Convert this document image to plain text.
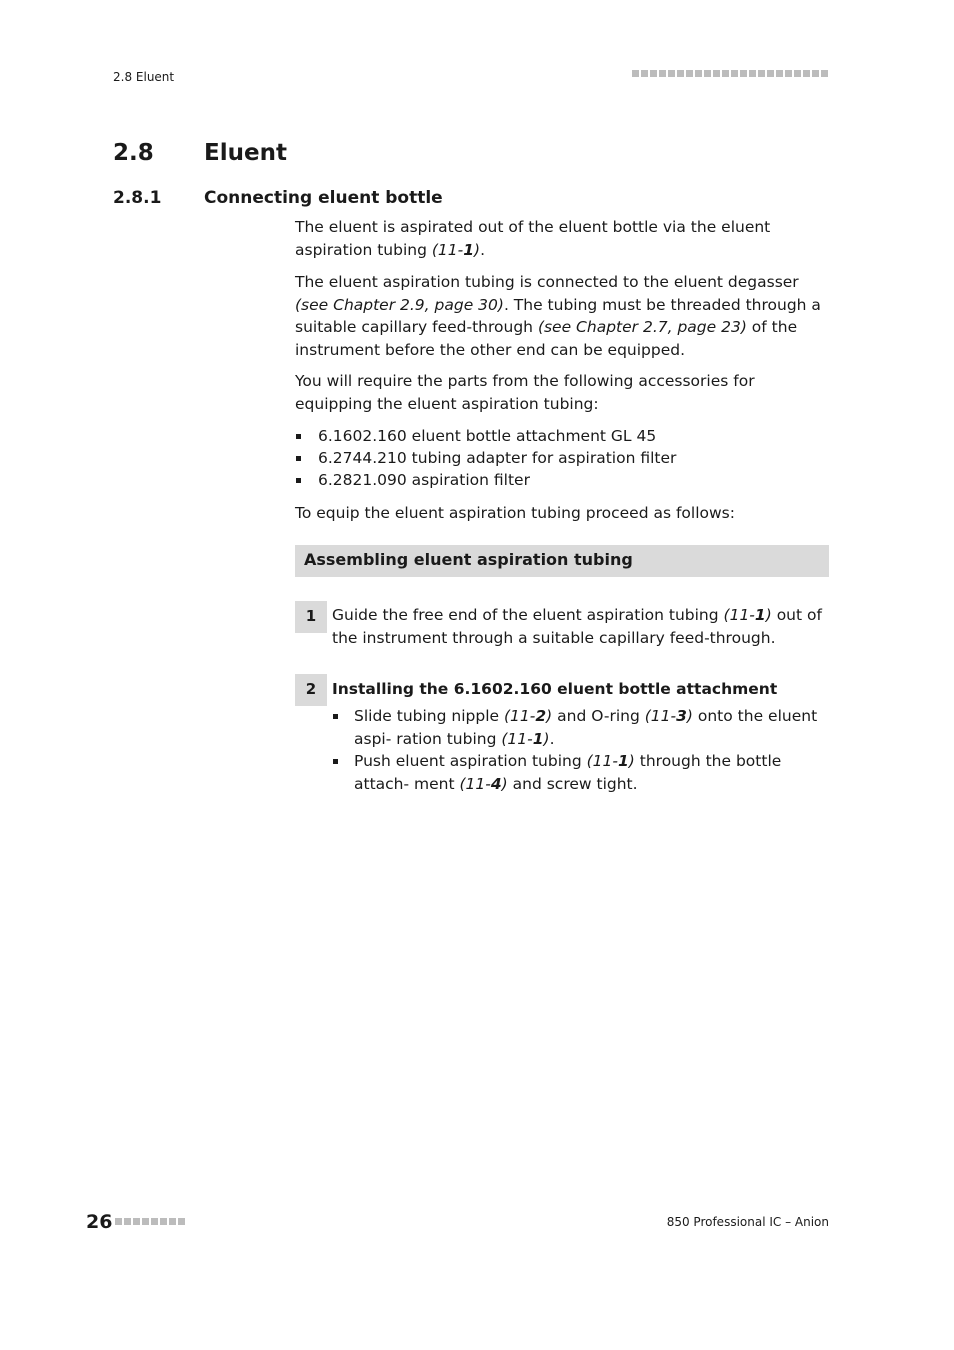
2.8 Eluent
2.8 Eluent
2.8.1	Connecting eluent bottle

The eluent is aspirated out of the eluent bottle via the eluent aspiration tubing (11-1).

The eluent aspiration tubing is connected to the eluent degasser (see Chapter 2.9, page 30). The tubing must be threaded through a suitable capillary feed-through (see Chapter 2.7, page 23) of the instrument before the other end can be equipped.

You will require the parts from the following accessories for equipping the eluent aspiration tubing:
6.1602.160 eluent bottle attachment GL 45
6.2744.210 tubing adapter for aspiration filter
6.2821.090 aspiration filter
To equip the eluent aspiration tubing proceed as follows:
Assembling eluent aspiration tubing
1	Guide the free end of the eluent aspiration tubing (11-1) out of the instrument through a suitable capillary feed-through.

2	Installing the 6.1602.160 eluent bottle attachment
Slide tubing nipple (11-2) and O-ring (11-3) onto the eluent aspi- ration tubing (11-1).
Push eluent aspiration tubing (11-1) through the bottle attach- ment (11-4) and screw tight.
26	850 Professional IC – Anion
